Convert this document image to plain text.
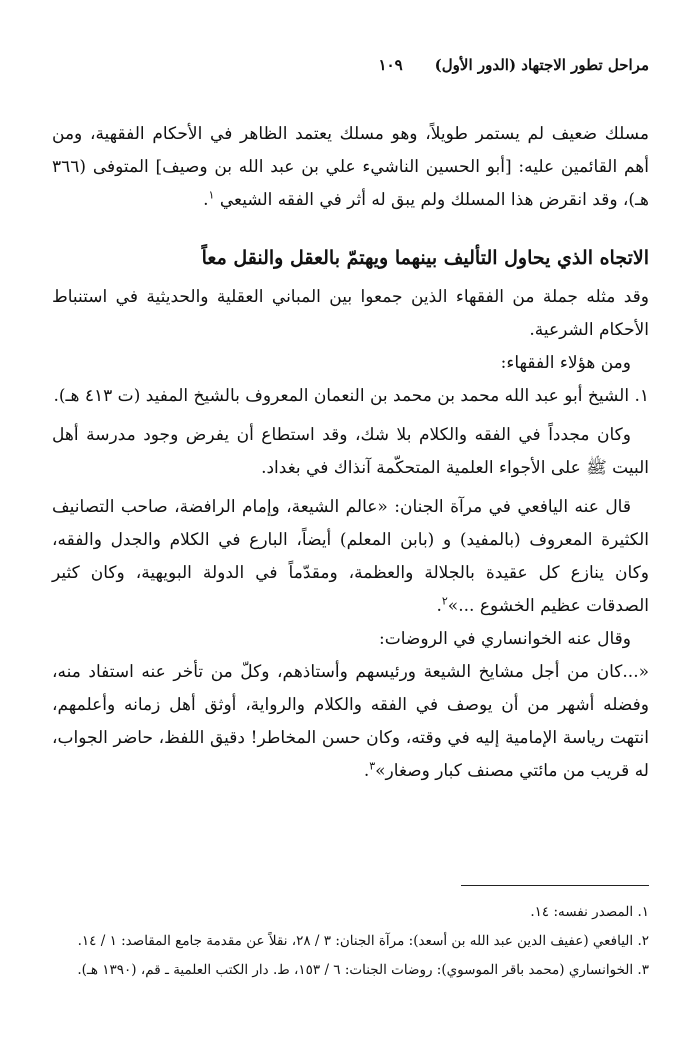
مراحل تطور الاجتهاد (الدور الأول)
١٠٩

مسلك ضعيف لم يستمر طويلاً، وهو مسلك يعتمد الظاهر في الأحكام الفقهية، ومن أهم القائمين عليه: [أبو الحسين الناشيء علي بن عبد الله بن وصيف] المتوفى (٣٦٦ هـ)، وقد انقرض هذا المسلك ولم يبق له أثر في الفقه الشيعي $^١$.

الاتجاه الذي يحاول التأليف بينهما ويهتمّ بالعقل والنقل معاً

وقد مثله جملة من الفقهاء الذين جمعوا بين المباني العقلية والحديثية في استنباط الأحكام الشرعية.

ومن هؤلاء الفقهاء:

١. الشيخ أبو عبد الله محمد بن محمد بن النعمان المعروف بالشيخ المفيد (ت ٤١٣ هـ).

وكان مجدداً في الفقه والكلام بلا شك، وقد استطاع أن يفرض وجود مدرسة أهل البيت ﷺ على الأجواء العلمية المتحكّمة آنذاك في بغداد.

قال عنه اليافعي في مرآة الجنان: «عالم الشيعة، وإمام الرافضة، صاحب التصانيف الكثيرة المعروف (بالمفيد) و (بابن المعلم) أيضاً، البارع في الكلام والجدل والفقه، وكان ينازع كل عقيدة بالجلالة والعظمة، ومقدّماً في الدولة البويهية، وكان كثير الصدقات عظيم الخشوع ...»$^٢$.

وقال عنه الخوانساري في الروضات:

«...كان من أجل مشايخ الشيعة ورئيسهم وأستاذهم، وكلّ من تأخر عنه استفاد منه، وفضله أشهر من أن يوصف في الفقه والكلام والرواية، أوثق أهل زمانه وأعلمهم، انتهت رياسة الإمامية إليه في وقته، وكان حسن المخاطر! دقيق اللفظ، حاضر الجواب، له قريب من مائتي مصنف كبار وصغار»$^٣$.

١. المصدر نفسه: ١٤.

٢. اليافعي (عفيف الدين عبد الله بن أسعد): مرآة الجنان: ٣ / ٢٨، نقلاً عن مقدمة جامع المقاصد: ١ / ١٤.

٣. الخوانساري (محمد باقر الموسوي): روضات الجنات: ٦ / ١٥٣، ط. دار الكتب العلمية ـ قم، (١٣٩٠ هـ).
